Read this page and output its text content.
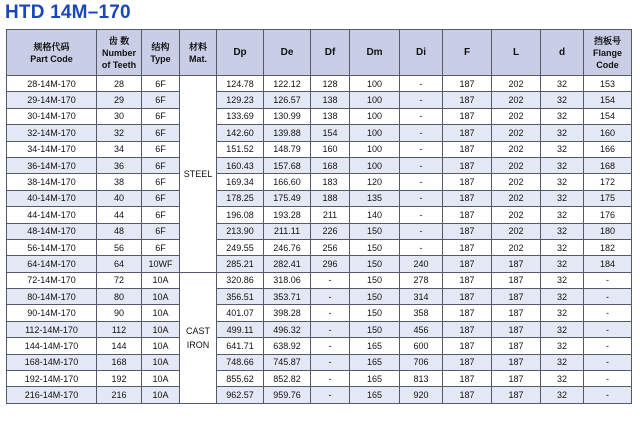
HTD 14M–170
规格代码
Part Code	齿 数
Number
of Teeth	结构
Type	材料
Mat.	Dp	De	Df	Dm	Di	F	L	d	挡板号
Flange
Code

28-14M-170	28	6F	STEEL	124.78	122.12	128	100	-	187	202	32	153
29-14M-170	29	6F		129.23	126.57	138	100	-	187	202	32	154
30-14M-170	30	6F		133.69	130.99	138	100	-	187	202	32	154
32-14M-170	32	6F		142.60	139.88	154	100	-	187	202	32	160
34-14M-170	34	6F		151.52	148.79	160	100	-	187	202	32	166
36-14M-170	36	6F		160.43	157.68	168	100	-	187	202	32	168
38-14M-170	38	6F		169.34	166.60	183	120	-	187	202	32	172
40-14M-170	40	6F		178.25	175.49	188	135	-	187	202	32	175
44-14M-170	44	6F		196.08	193.28	211	140	-	187	202	32	176
48-14M-170	48	6F		213.90	211.11	226	150	-	187	202	32	180
56-14M-170	56	6F		249.55	246.76	256	150	-	187	202	32	182
64-14M-170	64	10WF		285.21	282.41	296	150	240	187	187	32	184
72-14M-170	72	10A	CAST
IRON	320.86	318.06	-	150	278	187	187	32	-
80-14M-170	80	10A		356.51	353.71	-	150	314	187	187	32	-
90-14M-170	90	10A		401.07	398.28	-	150	358	187	187	32	-
112-14M-170	112	10A		499.11	496.32	-	150	456	187	187	32	-
144-14M-170	144	10A		641.71	638.92	-	165	600	187	187	32	-
168-14M-170	168	10A		748.66	745.87	-	165	706	187	187	32	-
192-14M-170	192	10A		855.62	852.82	-	165	813	187	187	32	-
216-14M-170	216	10A		962.57	959.76	-	165	920	187	187	32	-
